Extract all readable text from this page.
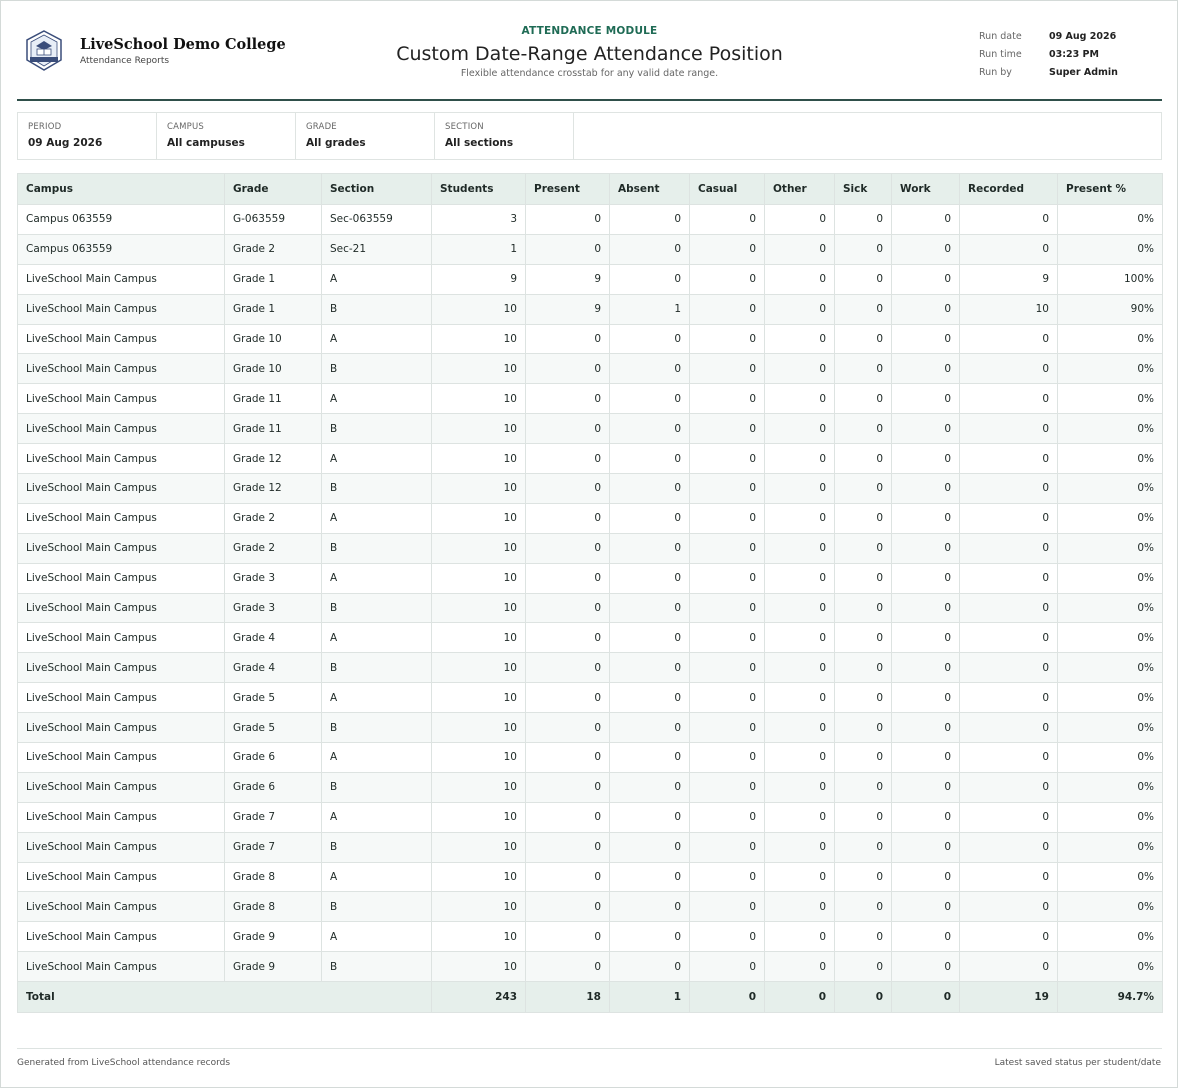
LiveSchool Demo College
Attendance Reports
ATTENDANCE MODULE
Custom Date-Range Attendance Position
Flexible attendance crosstab for any valid date range.
Run date	09 Aug 2026
Run time	03:23 PM
Run by	Super Admin
PERIOD
09 Aug 2026
CAMPUS
All campuses
GRADE
All grades
SECTION
All sections
Campus	Grade	Section	Students	Present	Absent	Casual	Other	Sick	Work	Recorded	Present %
Campus 063559	G-063559	Sec-063559	3	0	0	0	0	0	0	0	0%
Campus 063559	Grade 2	Sec-21	1	0	0	0	0	0	0	0	0%
LiveSchool Main Campus	Grade 1	A	9	9	0	0	0	0	0	9	100%
LiveSchool Main Campus	Grade 1	B	10	9	1	0	0	0	0	10	90%
LiveSchool Main Campus	Grade 10	A	10	0	0	0	0	0	0	0	0%
LiveSchool Main Campus	Grade 10	B	10	0	0	0	0	0	0	0	0%
LiveSchool Main Campus	Grade 11	A	10	0	0	0	0	0	0	0	0%
LiveSchool Main Campus	Grade 11	B	10	0	0	0	0	0	0	0	0%
LiveSchool Main Campus	Grade 12	A	10	0	0	0	0	0	0	0	0%
LiveSchool Main Campus	Grade 12	B	10	0	0	0	0	0	0	0	0%
LiveSchool Main Campus	Grade 2	A	10	0	0	0	0	0	0	0	0%
LiveSchool Main Campus	Grade 2	B	10	0	0	0	0	0	0	0	0%
LiveSchool Main Campus	Grade 3	A	10	0	0	0	0	0	0	0	0%
LiveSchool Main Campus	Grade 3	B	10	0	0	0	0	0	0	0	0%
LiveSchool Main Campus	Grade 4	A	10	0	0	0	0	0	0	0	0%
LiveSchool Main Campus	Grade 4	B	10	0	0	0	0	0	0	0	0%
LiveSchool Main Campus	Grade 5	A	10	0	0	0	0	0	0	0	0%
LiveSchool Main Campus	Grade 5	B	10	0	0	0	0	0	0	0	0%
LiveSchool Main Campus	Grade 6	A	10	0	0	0	0	0	0	0	0%
LiveSchool Main Campus	Grade 6	B	10	0	0	0	0	0	0	0	0%
LiveSchool Main Campus	Grade 7	A	10	0	0	0	0	0	0	0	0%
LiveSchool Main Campus	Grade 7	B	10	0	0	0	0	0	0	0	0%
LiveSchool Main Campus	Grade 8	A	10	0	0	0	0	0	0	0	0%
LiveSchool Main Campus	Grade 8	B	10	0	0	0	0	0	0	0	0%
LiveSchool Main Campus	Grade 9	A	10	0	0	0	0	0	0	0	0%
LiveSchool Main Campus	Grade 9	B	10	0	0	0	0	0	0	0	0%
Total			243	18	1	0	0	0	0	19	94.7%
Generated from LiveSchool attendance records	Latest saved status per student/date
